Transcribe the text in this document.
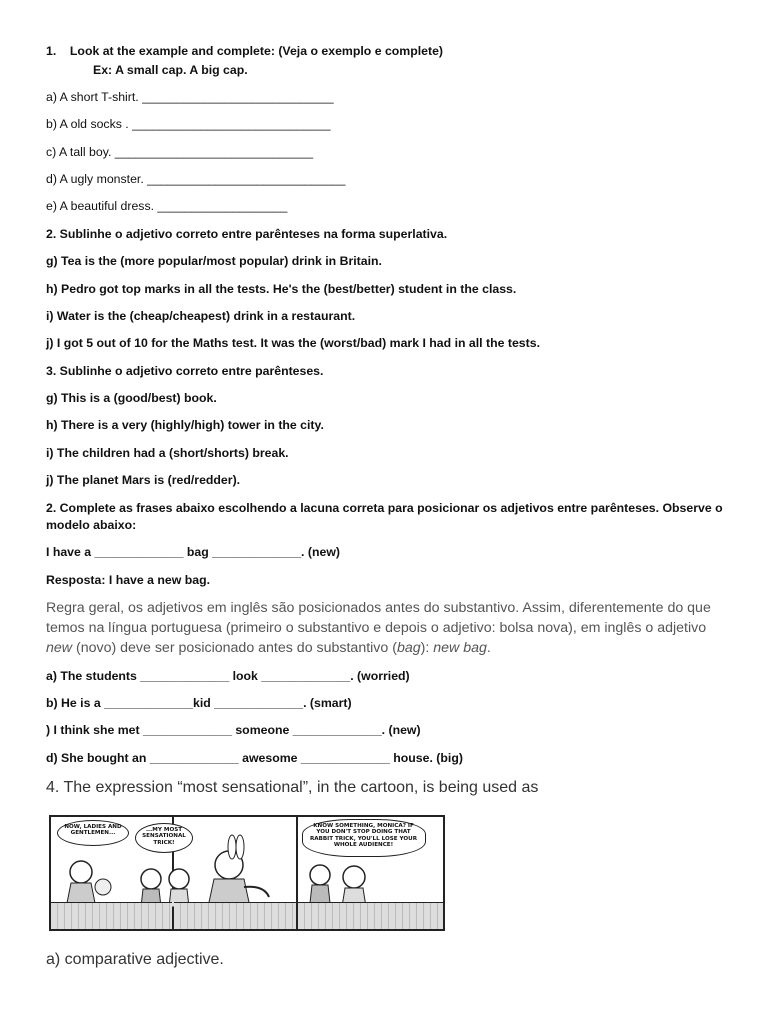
1.    Look at the example and complete: (Veja o exemplo e complete)
Ex: A small cap. A big cap.
a) A short T-shirt. ____________________________
b) A old socks . _____________________________
c) A tall boy. _____________________________
d) A ugly monster. _____________________________
e) A beautiful dress. ___________________
2. Sublinhe o adjetivo correto entre parênteses na forma superlativa.
g) Tea is the (more popular/most popular) drink in Britain.
h) Pedro got top marks in all the tests. He's the (best/better) student in the class.
i) Water is the (cheap/cheapest) drink in a restaurant.
j) I got 5 out of 10 for the Maths test. It was the (worst/bad) mark I had in all the tests.
3. Sublinhe o adjetivo correto entre parênteses.
g) This is a (good/best) book.
h) There is a very (highly/high) tower in the city.
i) The children had a (short/shorts) break.
j) The planet Mars is (red/redder).
2. Complete as frases abaixo escolhendo a lacuna correta para posicionar os adjetivos entre parênteses. Observe o
modelo abaixo:
I have a _____________ bag _____________. (new)
Resposta: I have a new bag.
Regra geral, os adjetivos em inglês são posicionados antes do substantivo. Assim, diferentemente do que temos na língua portuguesa (primeiro o substantivo e depois o adjetivo: bolsa nova), em inglês o adjetivo new (novo) deve ser posicionado antes do substantivo (bag): new bag.
a) The students _____________ look _____________. (worried)
b) He is a _____________kid _____________. (smart)
) I think she met _____________ someone _____________. (new)
d) She bought an _____________ awesome _____________ house. (big)
4. The expression “most sensational”, in the cartoon, is being used as
NOW, LADIES AND GENTLEMEN...
...MY MOST SENSATIONAL TRICK!
KNOW SOMETHING, MONICA? IF YOU DON'T STOP DOING THAT RABBIT TRICK, YOU'LL LOSE YOUR WHOLE AUDIENCE!
a) comparative adjective.
